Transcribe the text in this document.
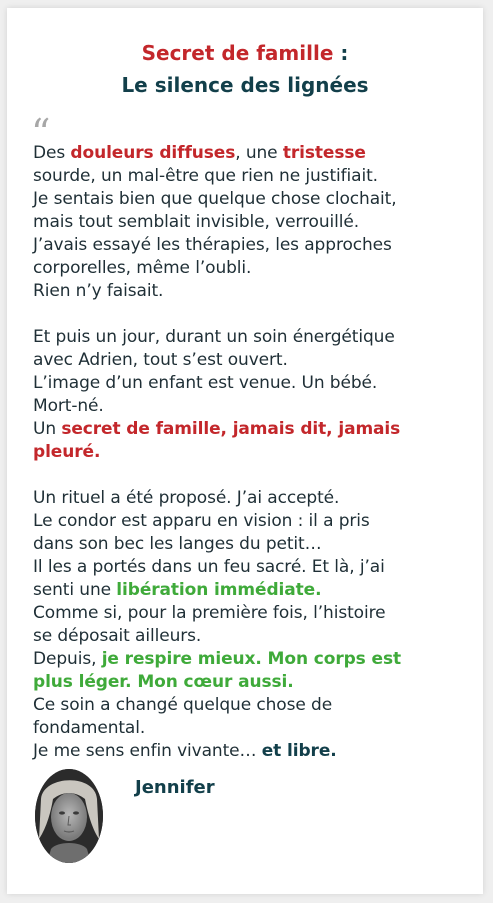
Secret de famille :
Le silence des lignées
“
Des douleurs diffuses, une tristesse
sourde, un mal-être que rien ne justifiait.
Je sentais bien que quelque chose clochait,
mais tout semblait invisible, verrouillé.
J’avais essayé les thérapies, les approches
corporelles, même l’oubli.
Rien n’y faisait.
Et puis un jour, durant un soin énergétique
avec Adrien, tout s’est ouvert.
L’image d’un enfant est venue. Un bébé.
Mort-né.
Un secret de famille, jamais dit, jamais
pleuré.
Un rituel a été proposé. J’ai accepté.
Le condor est apparu en vision : il a pris
dans son bec les langes du petit…
Il les a portés dans un feu sacré. Et là, j’ai
senti une libération immédiate.
Comme si, pour la première fois, l’histoire
se déposait ailleurs.
Depuis, je respire mieux. Mon corps est
plus léger. Mon cœur aussi.
Ce soin a changé quelque chose de
fondamental.
Je me sens enfin vivante… et libre.
Jennifer
